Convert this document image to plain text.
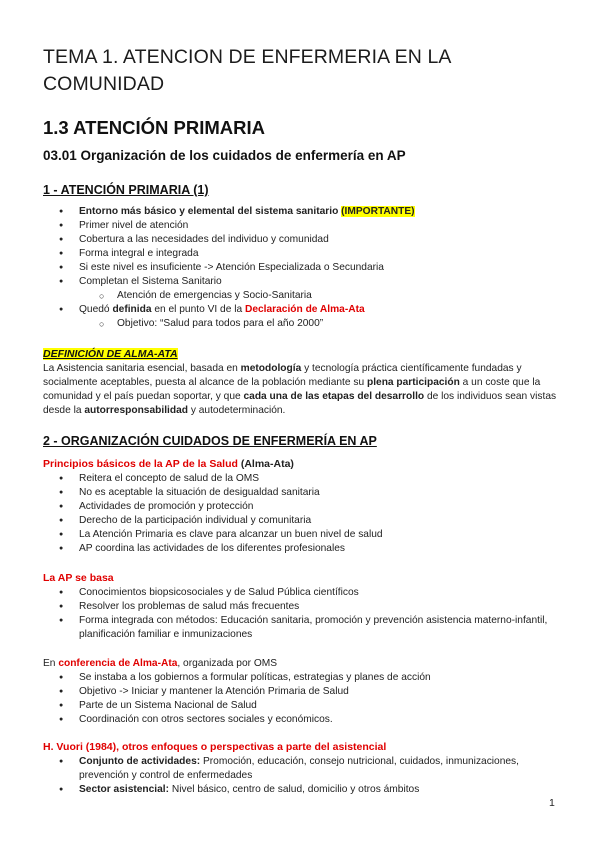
TEMA 1. ATENCION DE ENFERMERIA EN LA
COMUNIDAD
1.3 ATENCIÓN PRIMARIA
03.01 Organización de los cuidados de enfermería en AP
1 - ATENCIÓN PRIMARIA (1)
● Entorno más básico y elemental del sistema sanitario (IMPORTANTE)
● Primer nivel de atención
● Cobertura a las necesidades del individuo y comunidad
● Forma integral e integrada
● Si este nivel es insuficiente -> Atención Especializada o Secundaria
● Completan el Sistema Sanitario
○ Atención de emergencias y Socio-Sanitaria
● Quedó definida en el punto VI de la Declaración de Alma-Ata
○ Objetivo: “Salud para todos para el año 2000”
DEFINICIÓN DE ALMA-ATA
La Asistencia sanitaria esencial, basada en metodología y tecnología práctica científicamente fundadas y socialmente aceptables, puesta al alcance de la población mediante su plena participación a un coste que la comunidad y el país puedan soportar, y que cada una de las etapas del desarrollo de los individuos sean vistas desde la autorresponsabilidad y autodeterminación.
2 - ORGANIZACIÓN CUIDADOS DE ENFERMERÍA EN AP
Principios básicos de la AP de la Salud (Alma-Ata)
● Reitera el concepto de salud de la OMS
● No es aceptable la situación de desigualdad sanitaria
● Actividades de promoción y protección
● Derecho de la participación individual y comunitaria
● La Atención Primaria es clave para alcanzar un buen nivel de salud
● AP coordina las actividades de los diferentes profesionales
La AP se basa
● Conocimientos biopsicosociales y de Salud Pública científicos
● Resolver los problemas de salud más frecuentes
● Forma integrada con métodos: Educación sanitaria, promoción y prevención asistencia materno-infantil, planificación familiar e inmunizaciones
En conferencia de Alma-Ata, organizada por OMS
● Se instaba a los gobiernos a formular políticas, estrategias y planes de acción
● Objetivo -> Iniciar y mantener la Atención Primaria de Salud
● Parte de un Sistema Nacional de Salud
● Coordinación con otros sectores sociales y económicos.
H. Vuori (1984), otros enfoques o perspectivas a parte del asistencial
● Conjunto de actividades: Promoción, educación, consejo nutricional, cuidados, inmunizaciones, prevención y control de enfermedades
● Sector asistencial: Nivel básico, centro de salud, domicilio y otros ámbitos
1
